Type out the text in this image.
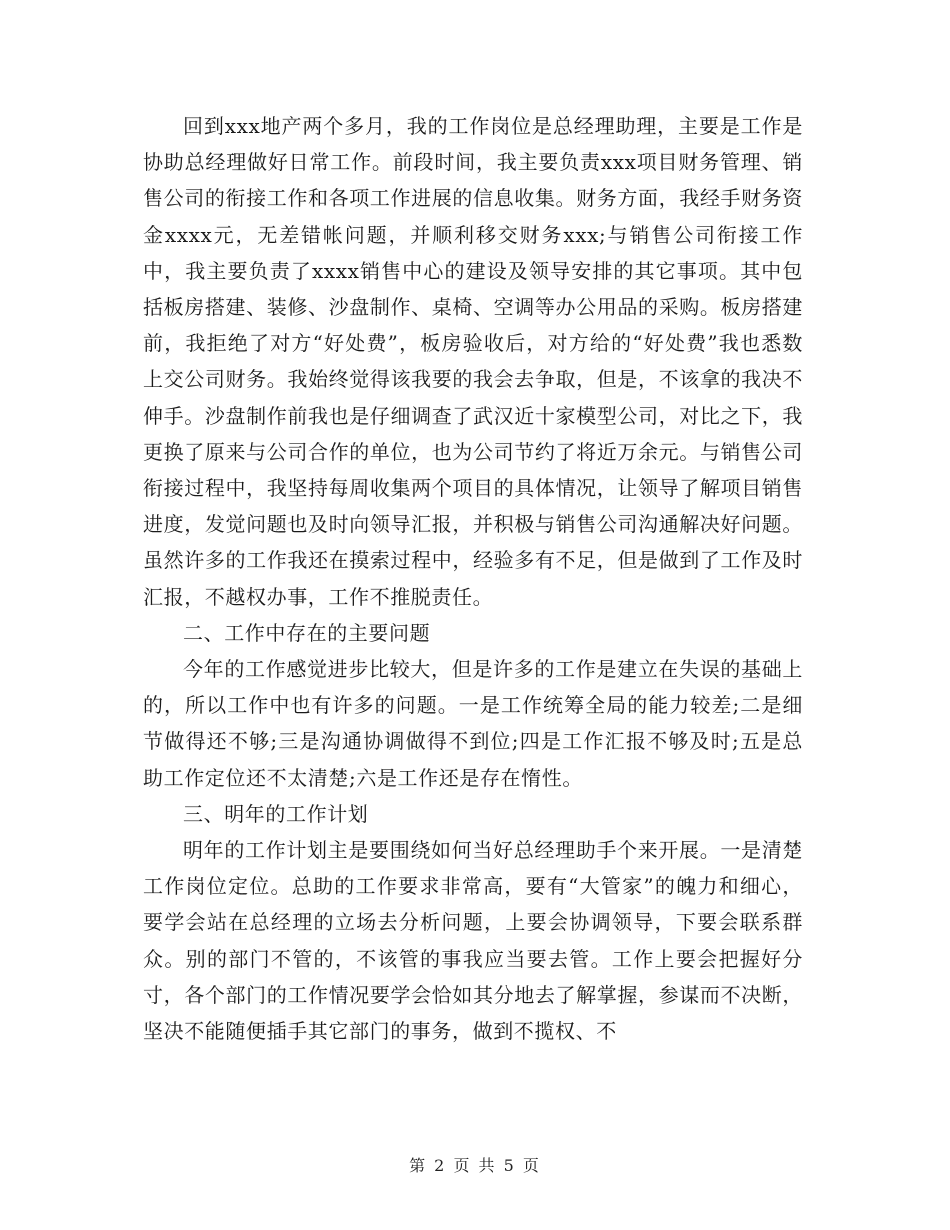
回到xxx地产两个多月，我的工作岗位是总经理助理，主要是工作是协助总经理做好日常工作。前段时间，我主要负责xxx项目财务管理、销售公司的衔接工作和各项工作进展的信息收集。财务方面，我经手财务资金xxxx元，无差错帐问题，并顺利移交财务xxx;与销售公司衔接工作中，我主要负责了xxxx销售中心的建设及领导安排的其它事项。其中包括板房搭建、装修、沙盘制作、桌椅、空调等办公用品的采购。板房搭建前，我拒绝了对方“好处费”，板房验收后，对方给的“好处费”我也悉数上交公司财务。我始终觉得该我要的我会去争取，但是，不该拿的我决不伸手。沙盘制作前我也是仔细调查了武汉近十家模型公司，对比之下，我更换了原来与公司合作的单位，也为公司节约了将近万余元。与销售公司衔接过程中，我坚持每周收集两个项目的具体情况，让领导了解项目销售进度，发觉问题也及时向领导汇报，并积极与销售公司沟通解决好问题。虽然许多的工作我还在摸索过程中，经验多有不足，但是做到了工作及时汇报，不越权办事，工作不推脱责任。

二、工作中存在的主要问题

今年的工作感觉进步比较大，但是许多的工作是建立在失误的基础上的，所以工作中也有许多的问题。一是工作统筹全局的能力较差;二是细节做得还不够;三是沟通协调做得不到位;四是工作汇报不够及时;五是总助工作定位还不太清楚;六是工作还是存在惰性。

三、明年的工作计划

明年的工作计划主是要围绕如何当好总经理助手个来开展。一是清楚工作岗位定位。总助的工作要求非常高，要有“大管家”的魄力和细心，要学会站在总经理的立场去分析问题，上要会协调领导，下要会联系群众。别的部门不管的，不该管的事我应当要去管。工作上要会把握好分寸，各个部门的工作情况要学会恰如其分地去了解掌握，参谋而不决断，坚决不能随便插手其它部门的事务，做到不揽权、不

第 2 页 共 5 页
